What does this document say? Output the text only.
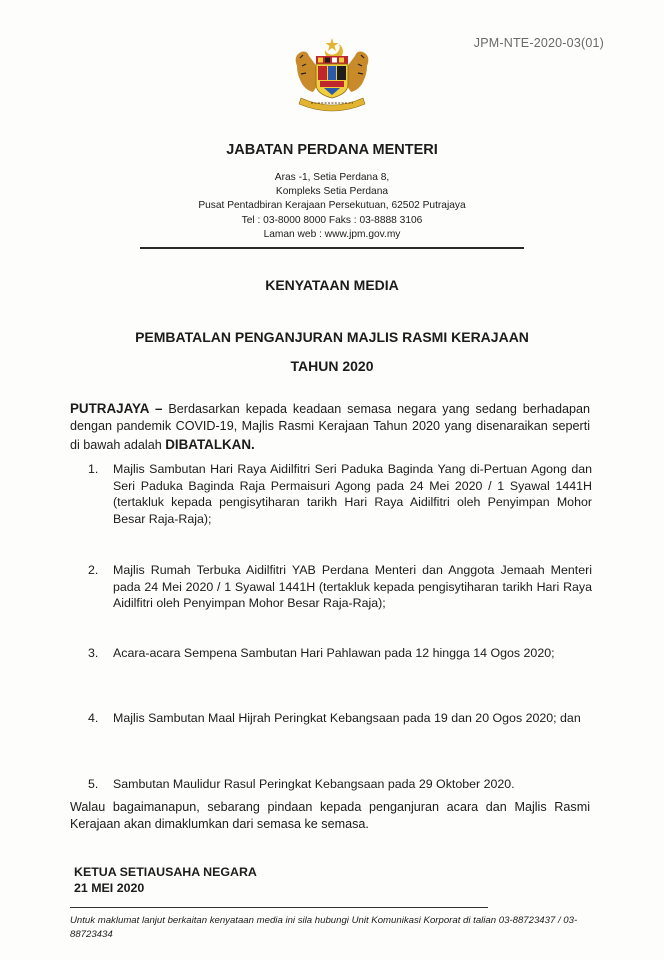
JPM-NTE-2020-03(01)
JABATAN PERDANA MENTERI
Aras -1, Setia Perdana 8,
Kompleks Setia Perdana
Pusat Pentadbiran Kerajaan Persekutuan, 62502 Putrajaya
Tel : 03-8000 8000 Faks : 03-8888 3106
Laman web : www.jpm.gov.my
KENYATAAN MEDIA
PEMBATALAN PENGANJURAN MAJLIS RASMI KERAJAAN
TAHUN 2020
PUTRAJAYA – Berdasarkan kepada keadaan semasa negara yang sedang berhadapan dengan pandemik COVID-19, Majlis Rasmi Kerajaan Tahun 2020 yang disenaraikan seperti di bawah adalah DIBATALKAN.
1. Majlis Sambutan Hari Raya Aidilfitri Seri Paduka Baginda Yang di-Pertuan Agong dan Seri Paduka Baginda Raja Permaisuri Agong pada 24 Mei 2020 / 1 Syawal 1441H (tertakluk kepada pengisytiharan tarikh Hari Raya Aidilfitri oleh Penyimpan Mohor Besar Raja-Raja);
2. Majlis Rumah Terbuka Aidilfitri YAB Perdana Menteri dan Anggota Jemaah Menteri pada 24 Mei 2020 / 1 Syawal 1441H (tertakluk kepada pengisytiharan tarikh Hari Raya Aidilfitri oleh Penyimpan Mohor Besar Raja-Raja);
3. Acara-acara Sempena Sambutan Hari Pahlawan pada 12 hingga 14 Ogos 2020;
4. Majlis Sambutan Maal Hijrah Peringkat Kebangsaan pada 19 dan 20 Ogos 2020; dan
5. Sambutan Maulidur Rasul Peringkat Kebangsaan pada 29 Oktober 2020.
Walau bagaimanapun, sebarang pindaan kepada penganjuran acara dan Majlis Rasmi Kerajaan akan dimaklumkan dari semasa ke semasa.
KETUA SETIAUSAHA NEGARA
21 MEI 2020
Untuk maklumat lanjut berkaitan kenyataan media ini sila hubungi Unit Komunikasi Korporat di talian 03-88723437 / 03-88723434
